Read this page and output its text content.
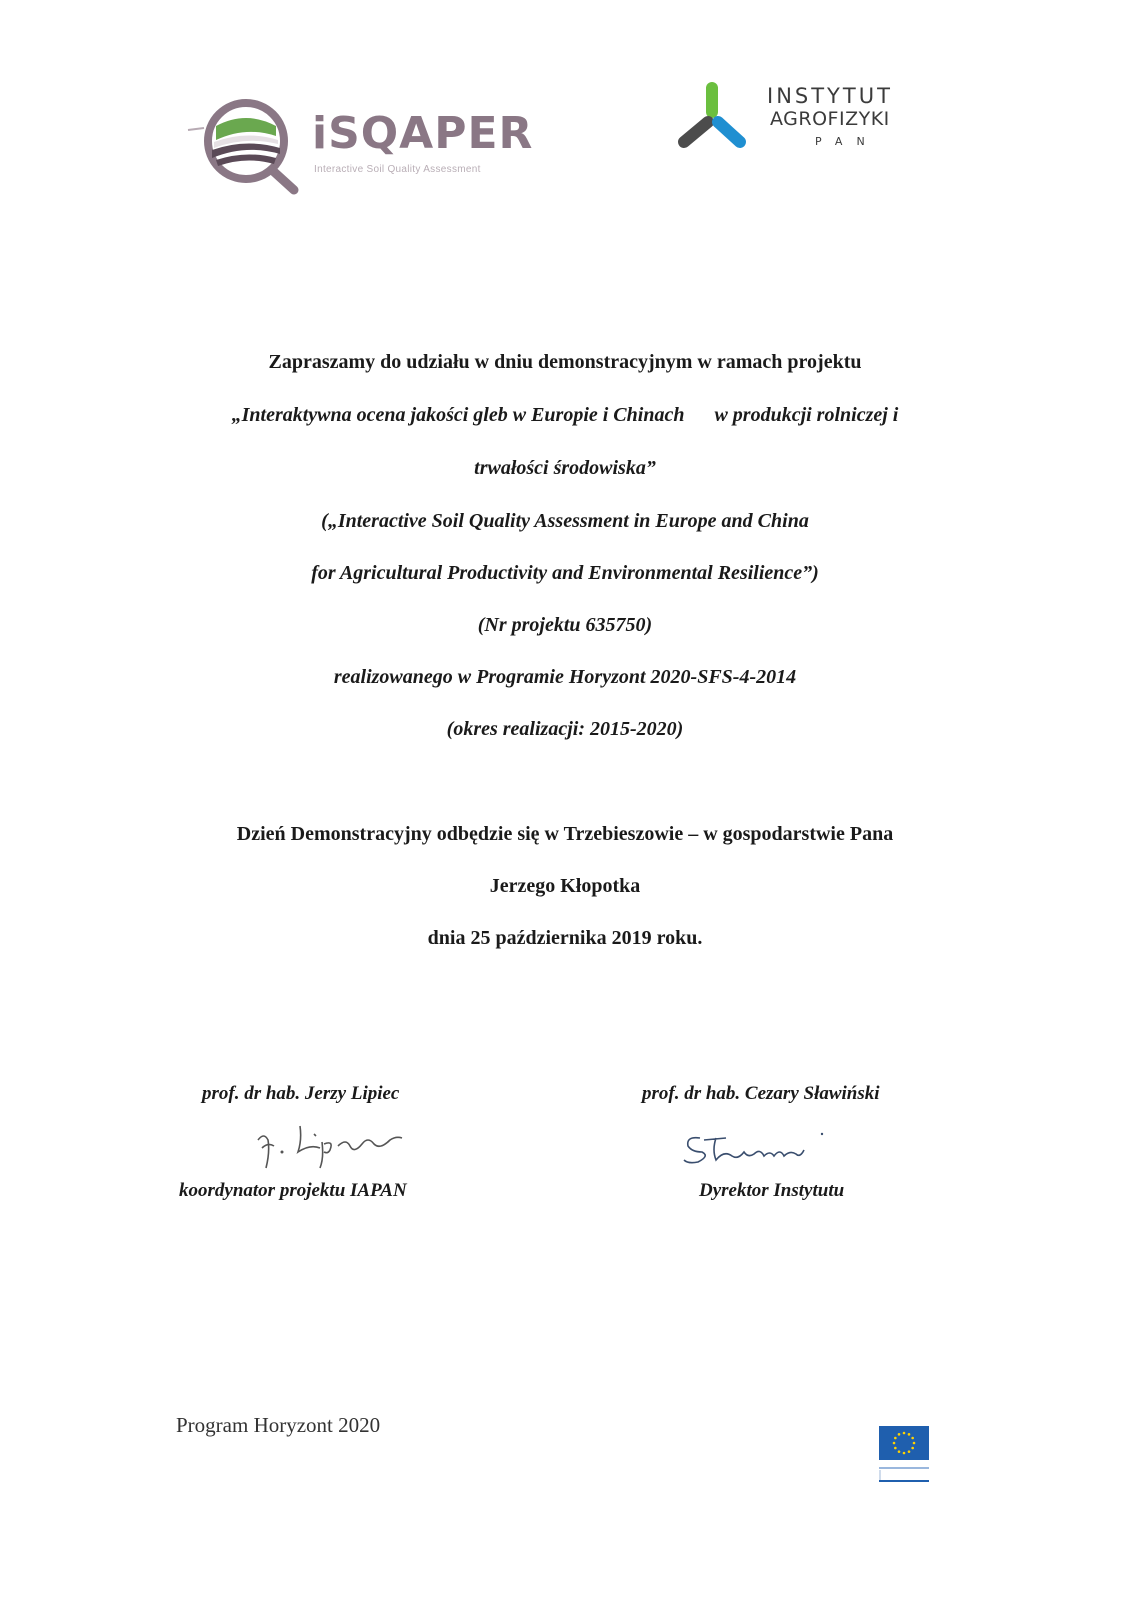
iSQAPER
Interactive Soil Quality Assessment
INSTYTUT
AGROFIZYKI
PAN
Zapraszamy do udziału w dniu demonstracyjnym w ramach projektu
„Interaktywna ocena jakości gleb w Europie i Chinach      w produkcji rolniczej i
trwałości środowiska”
(„Interactive Soil Quality Assessment in Europe and China
for Agricultural Productivity and Environmental Resilience”)
(Nr projektu 635750)
realizowanego w Programie Horyzont 2020-SFS-4-2014
(okres realizacji: 2015-2020)
Dzień Demonstracyjny odbędzie się w Trzebieszowie – w gospodarstwie Pana
Jerzego Kłopotka
dnia 25 października 2019 roku.
prof. dr hab. Jerzy Lipiec
koordynator projektu IAPAN
prof. dr hab. Cezary Sławiński
Dyrektor Instytutu
Program Horyzont 2020
